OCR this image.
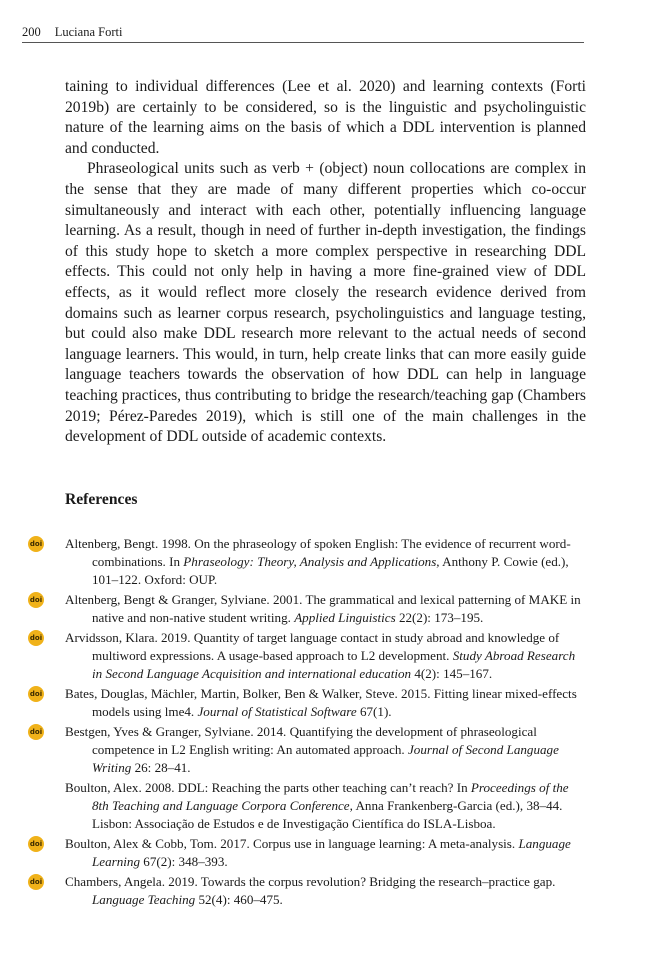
200 Luciana Forti

taining to individual differences (Lee et al. 2020) and learning contexts (Forti 2019b) are certainly to be considered, so is the linguistic and psycholinguistic nature of the learning aims on the basis of which a DDL intervention is planned and conducted.

Phraseological units such as verb + (object) noun collocations are complex in the sense that they are made of many different properties which co-occur simultaneously and interact with each other, potentially influencing language learning. As a result, though in need of further in-depth investigation, the findings of this study hope to sketch a more complex perspective in researching DDL effects. This could not only help in having a more fine-grained view of DDL effects, as it would reflect more closely the research evidence derived from domains such as learner corpus research, psycholinguistics and language testing, but could also make DDL research more relevant to the actual needs of second language learners. This would, in turn, help create links that can more easily guide language teachers towards the observation of how DDL can help in language teaching practices, thus contributing to bridge the research/teaching gap (Chambers 2019; Pérez-Paredes 2019), which is still one of the main challenges in the development of DDL outside of academic contexts.

References
doi Altenberg, Bengt. 1998. On the phraseology of spoken English: The evidence of recurrent word-combinations. In Phraseology: Theory, Analysis and Applications, Anthony P. Cowie (ed.), 101–122. Oxford: OUP.
doi Altenberg, Bengt & Granger, Sylviane. 2001. The grammatical and lexical patterning of MAKE in native and non-native student writing. Applied Linguistics 22(2): 173–195.
doi Arvidsson, Klara. 2019. Quantity of target language contact in study abroad and knowledge of multiword expressions. A usage-based approach to L2 development. Study Abroad Research in Second Language Acquisition and international education 4(2): 145–167.
doi Bates, Douglas, Mächler, Martin, Bolker, Ben & Walker, Steve. 2015. Fitting linear mixed-effects models using lme4. Journal of Statistical Software 67(1).
doi Bestgen, Yves & Granger, Sylviane. 2014. Quantifying the development of phraseological competence in L2 English writing: An automated approach. Journal of Second Language Writing 26: 28–41.
Boulton, Alex. 2008. DDL: Reaching the parts other teaching can’t reach? In Proceedings of the 8th Teaching and Language Corpora Conference, Anna Frankenberg-Garcia (ed.), 38–44. Lisbon: Associação de Estudos e de Investigação Científica do ISLA-Lisboa.
doi Boulton, Alex & Cobb, Tom. 2017. Corpus use in language learning: A meta-analysis. Language Learning 67(2): 348–393.
doi Chambers, Angela. 2019. Towards the corpus revolution? Bridging the research–practice gap. Language Teaching 52(4): 460–475.
